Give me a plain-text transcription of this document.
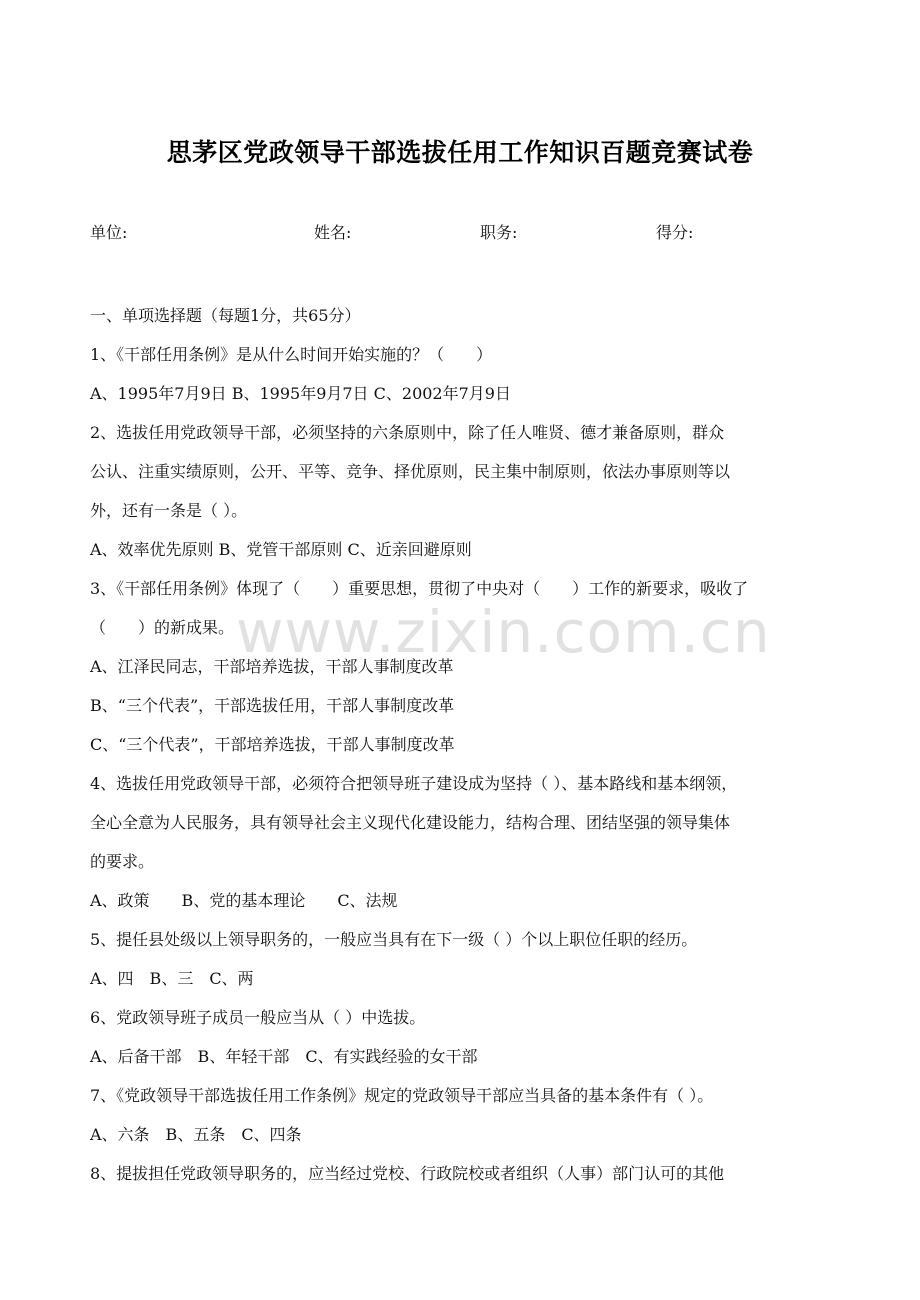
思茅区党政领导干部选拔任用工作知识百题竞赛试卷
单位:	姓名:	职务:	得分:
一、单项选择题（每题1分，共65分）
1、《干部任用条例》是从什么时间开始实施的？（　　）
A、1995年7月9日 B、1995年9月7日 C、2002年7月9日
2、选拔任用党政领导干部，必须坚持的六条原则中，除了任人唯贤、德才兼备原则，群众
公认、注重实绩原则，公开、平等、竞争、择优原则，民主集中制原则，依法办事原则等以
外，还有一条是（ ）。
A、效率优先原则 B、党管干部原则 C、近亲回避原则
3、《干部任用条例》体现了（　　）重要思想，贯彻了中央对（　　）工作的新要求，吸收了
（　　）的新成果。
A、江泽民同志，干部培养选拔，干部人事制度改革
B、“三个代表”，干部选拔任用，干部人事制度改革
C、“三个代表”，干部培养选拔，干部人事制度改革
4、选拔任用党政领导干部，必须符合把领导班子建设成为坚持（ ）、基本路线和基本纲领，
全心全意为人民服务，具有领导社会主义现代化建设能力，结构合理、团结坚强的领导集体
的要求。
A、政策　　B、党的基本理论　　C、法规
5、提任县处级以上领导职务的，一般应当具有在下一级（ ）个以上职位任职的经历。
A、四　B、三　C、两
6、党政领导班子成员一般应当从（ ）中选拔。
A、后备干部　B、年轻干部　C、有实践经验的女干部
7、《党政领导干部选拔任用工作条例》规定的党政领导干部应当具备的基本条件有（ ）。
A、六条　B、五条　C、四条
8、提拔担任党政领导职务的，应当经过党校、行政院校或者组织（人事）部门认可的其他
www.zixin.com.cn
